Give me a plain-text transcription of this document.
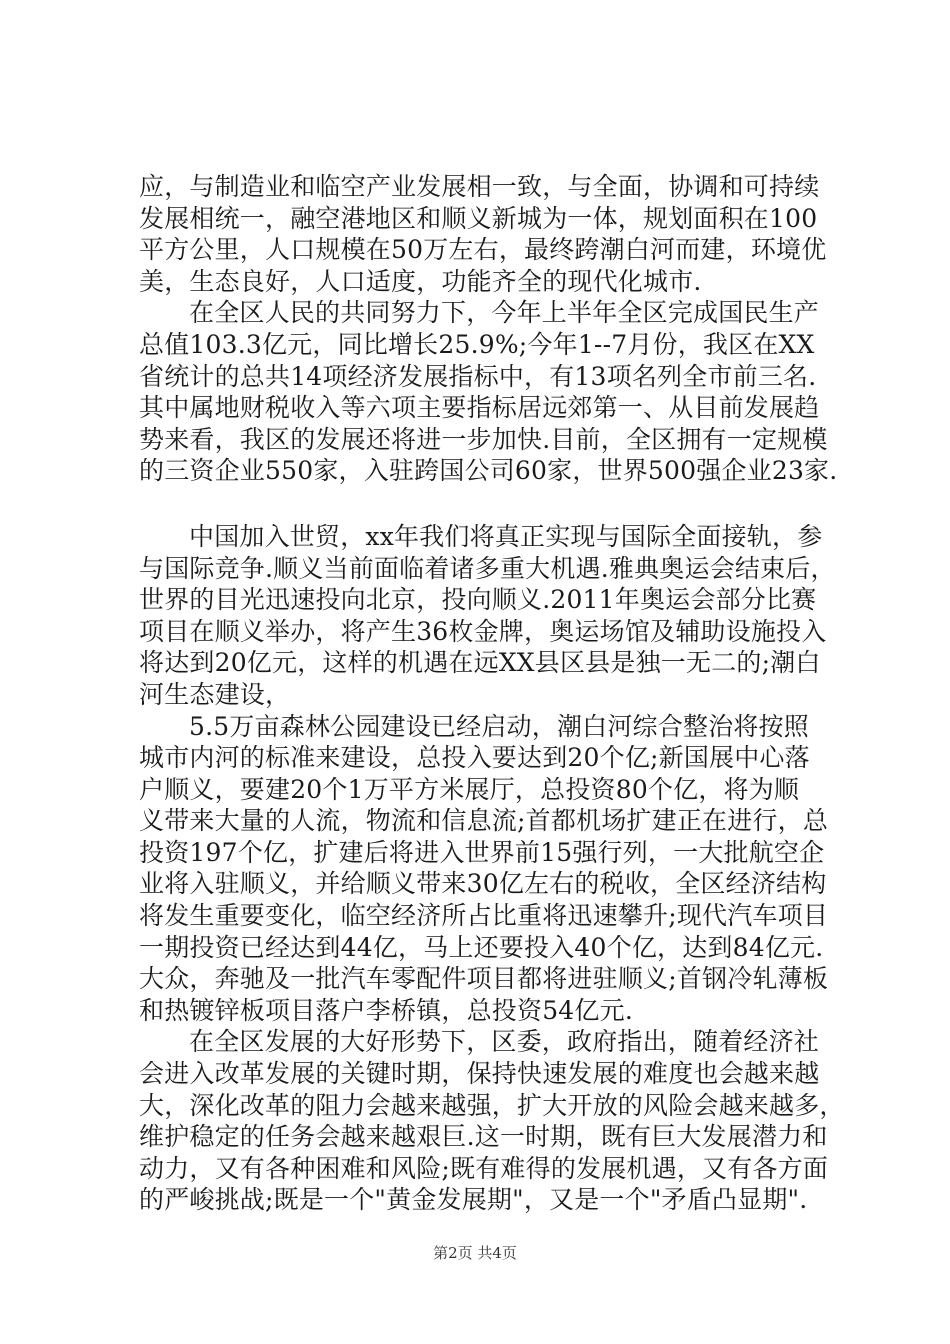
应，与制造业和临空产业发展相一致，与全面，协调和可持续
发展相统一，融空港地区和顺义新城为一体，规划面积在100
平方公里，人口规模在50万左右，最终跨潮白河而建，环境优
美，生态良好，人口适度，功能齐全的现代化城市.
在全区人民的共同努力下，今年上半年全区完成国民生产
总值103.3亿元，同比增长25.9%;今年1--7月份，我区在XX
省统计的总共14项经济发展指标中，有13项名列全市前三名.
其中属地财税收入等六项主要指标居远郊第一、从目前发展趋
势来看，我区的发展还将进一步加快.目前，全区拥有一定规模
的三资企业550家，入驻跨国公司60家，世界500强企业23家.
中国加入世贸，xx年我们将真正实现与国际全面接轨，参
与国际竞争.顺义当前面临着诸多重大机遇.雅典奥运会结束后，
世界的目光迅速投向北京，投向顺义.2011年奥运会部分比赛
项目在顺义举办，将产生36枚金牌，奥运场馆及辅助设施投入
将达到20亿元，这样的机遇在远XX县区县是独一无二的;潮白
河生态建设，
5.5万亩森林公园建设已经启动，潮白河综合整治将按照
城市内河的标准来建设，总投入要达到20个亿;新国展中心落
户顺义，要建20个1万平方米展厅，总投资80个亿，将为顺
义带来大量的人流，物流和信息流;首都机场扩建正在进行，总
投资197个亿，扩建后将进入世界前15强行列，一大批航空企
业将入驻顺义，并给顺义带来30亿左右的税收，全区经济结构
将发生重要变化，临空经济所占比重将迅速攀升;现代汽车项目
一期投资已经达到44亿，马上还要投入40个亿，达到84亿元.
大众，奔驰及一批汽车零配件项目都将进驻顺义;首钢冷轧薄板
和热镀锌板项目落户李桥镇，总投资54亿元.
在全区发展的大好形势下，区委，政府指出，随着经济社
会进入改革发展的关键时期，保持快速发展的难度也会越来越
大，深化改革的阻力会越来越强，扩大开放的风险会越来越多，
维护稳定的任务会越来越艰巨.这一时期，既有巨大发展潜力和
动力，又有各种困难和风险;既有难得的发展机遇，又有各方面
的严峻挑战;既是一个"黄金发展期"，又是一个"矛盾凸显期".
第2页 共4页
